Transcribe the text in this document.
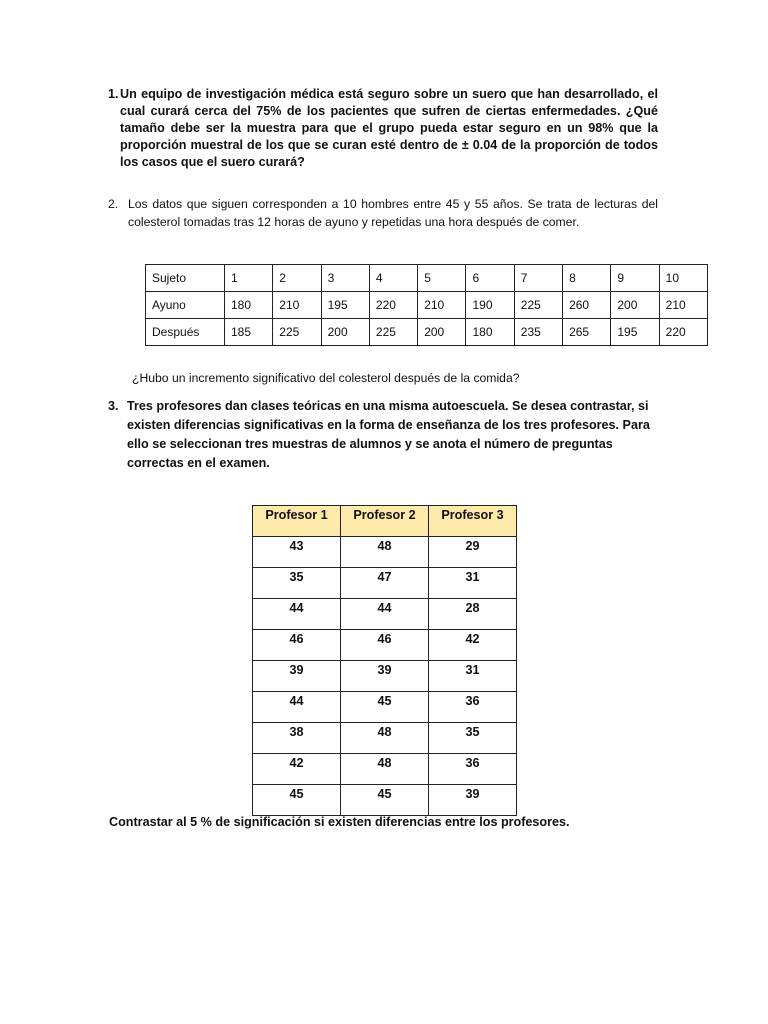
1. Un equipo de investigación médica está seguro sobre un suero que han desarrollado, el cual curará cerca del 75% de los pacientes que sufren de ciertas enfermedades. ¿Qué tamaño debe ser la muestra para que el grupo pueda estar seguro en un 98% que la proporción muestral de los que se curan esté dentro de ± 0.04 de la proporción de todos los casos que el suero curará?
2. Los datos que siguen corresponden a 10 hombres entre 45 y 55 años. Se trata de lecturas del colesterol tomadas tras 12 horas de ayuno y repetidas una hora después de comer.
Sujeto	1	2	3	4	5	6	7	8	9	10
Ayuno	180	210	195	220	210	190	225	260	200	210
Después	185	225	200	225	200	180	235	265	195	220
¿Hubo un incremento significativo del colesterol después de la comida?
3. Tres profesores dan clases teóricas en una misma autoescuela. Se desea contrastar, si existen diferencias significativas en la forma de enseñanza de los tres profesores. Para ello se seleccionan tres muestras de alumnos y se anota el número de preguntas correctas en el examen.
Profesor 1	Profesor 2	Profesor 3
43	48	29
35	47	31
44	44	28
46	46	42
39	39	31
44	45	36
38	48	35
42	48	36
45	45	39
Contrastar al 5 % de significación si existen diferencias entre los profesores.
